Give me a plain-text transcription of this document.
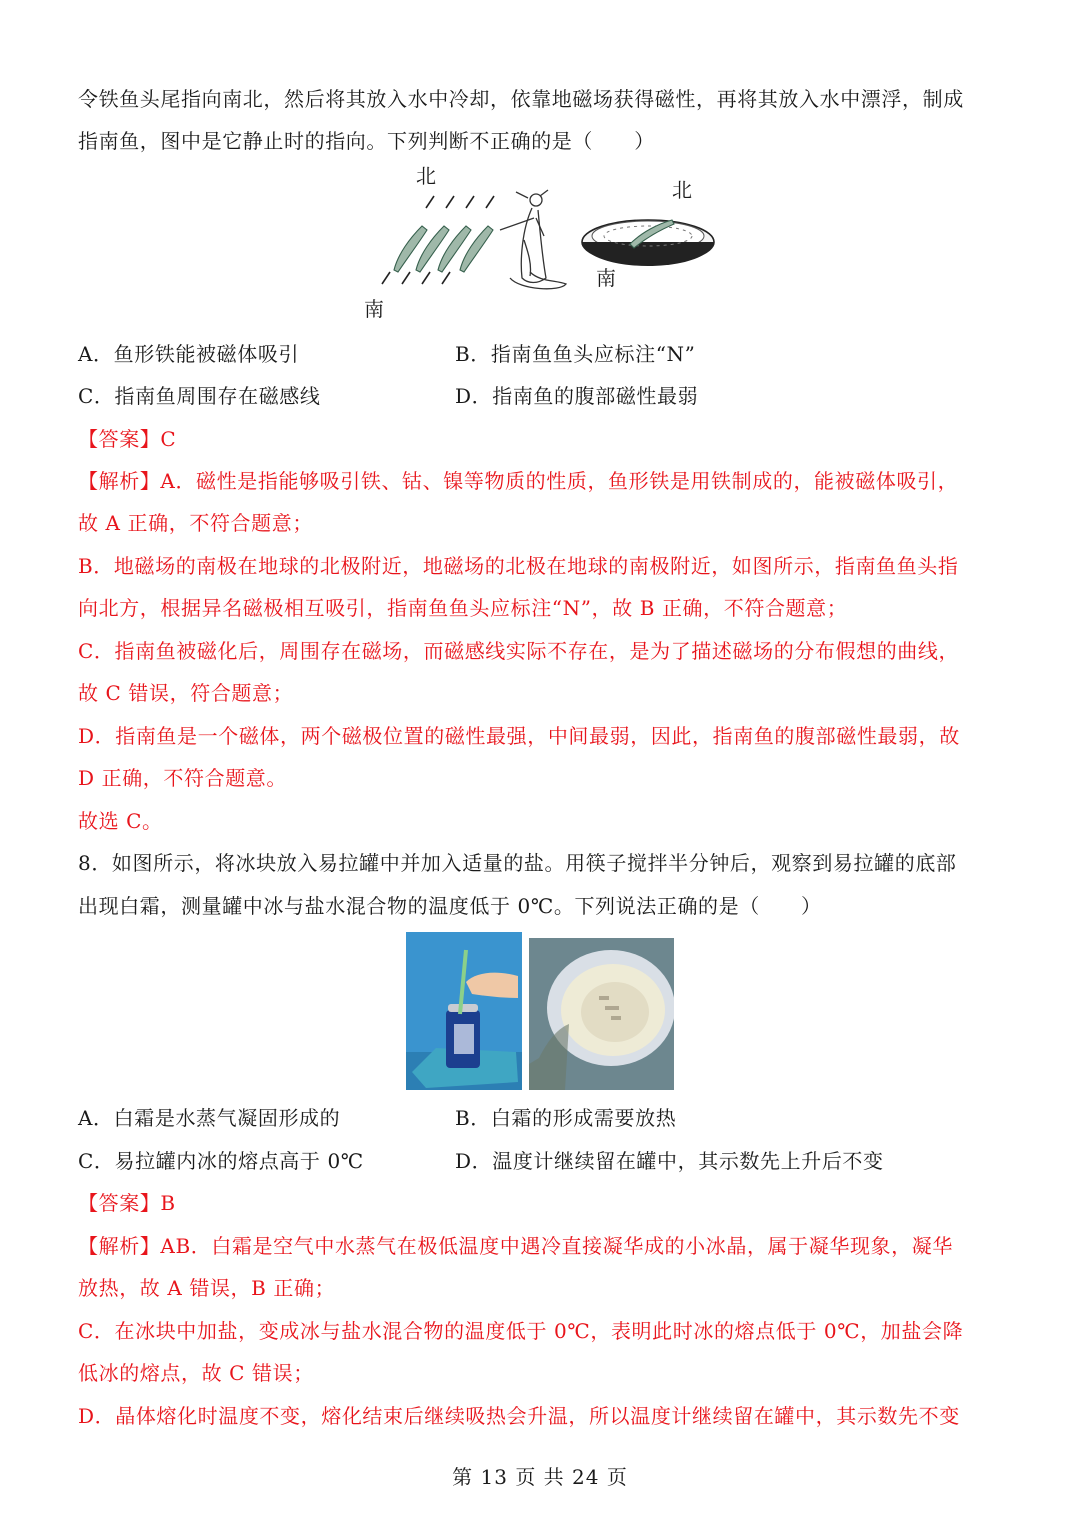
令铁鱼头尾指向南北，然后将其放入水中冷却，依靠地磁场获得磁性，再将其放入水中漂浮，制成
指南鱼，图中是它静止时的指向。下列判断不正确的是（　　）
北
南
北
南
A．鱼形铁能被磁体吸引	B．指南鱼鱼头应标注“N”
C．指南鱼周围存在磁感线	D．指南鱼的腹部磁性最弱
【答案】C
【解析】A．磁性是指能够吸引铁、钴、镍等物质的性质，鱼形铁是用铁制成的，能被磁体吸引，
故 A 正确，不符合题意；
B．地磁场的南极在地球的北极附近，地磁场的北极在地球的南极附近，如图所示，指南鱼鱼头指
向北方，根据异名磁极相互吸引，指南鱼鱼头应标注“N”，故 B 正确，不符合题意；
C．指南鱼被磁化后，周围存在磁场，而磁感线实际不存在，是为了描述磁场的分布假想的曲线，
故 C 错误，符合题意；
D．指南鱼是一个磁体，两个磁极位置的磁性最强，中间最弱，因此，指南鱼的腹部磁性最弱，故
D 正确，不符合题意。
故选 C。
8．如图所示，将冰块放入易拉罐中并加入适量的盐。用筷子搅拌半分钟后，观察到易拉罐的底部
出现白霜，测量罐中冰与盐水混合物的温度低于 0℃。下列说法正确的是（　　）
A．白霜是水蒸气凝固形成的	B．白霜的形成需要放热
C．易拉罐内冰的熔点高于 0℃	D．温度计继续留在罐中，其示数先上升后不变
【答案】B
【解析】AB．白霜是空气中水蒸气在极低温度中遇冷直接凝华成的小冰晶，属于凝华现象，凝华
放热，故 A 错误，B 正确；
C．在冰块中加盐，变成冰与盐水混合物的温度低于 0℃，表明此时冰的熔点低于 0℃，加盐会降
低冰的熔点，故 C 错误；
D．晶体熔化时温度不变，熔化结束后继续吸热会升温，所以温度计继续留在罐中，其示数先不变
第 13 页 共 24 页
